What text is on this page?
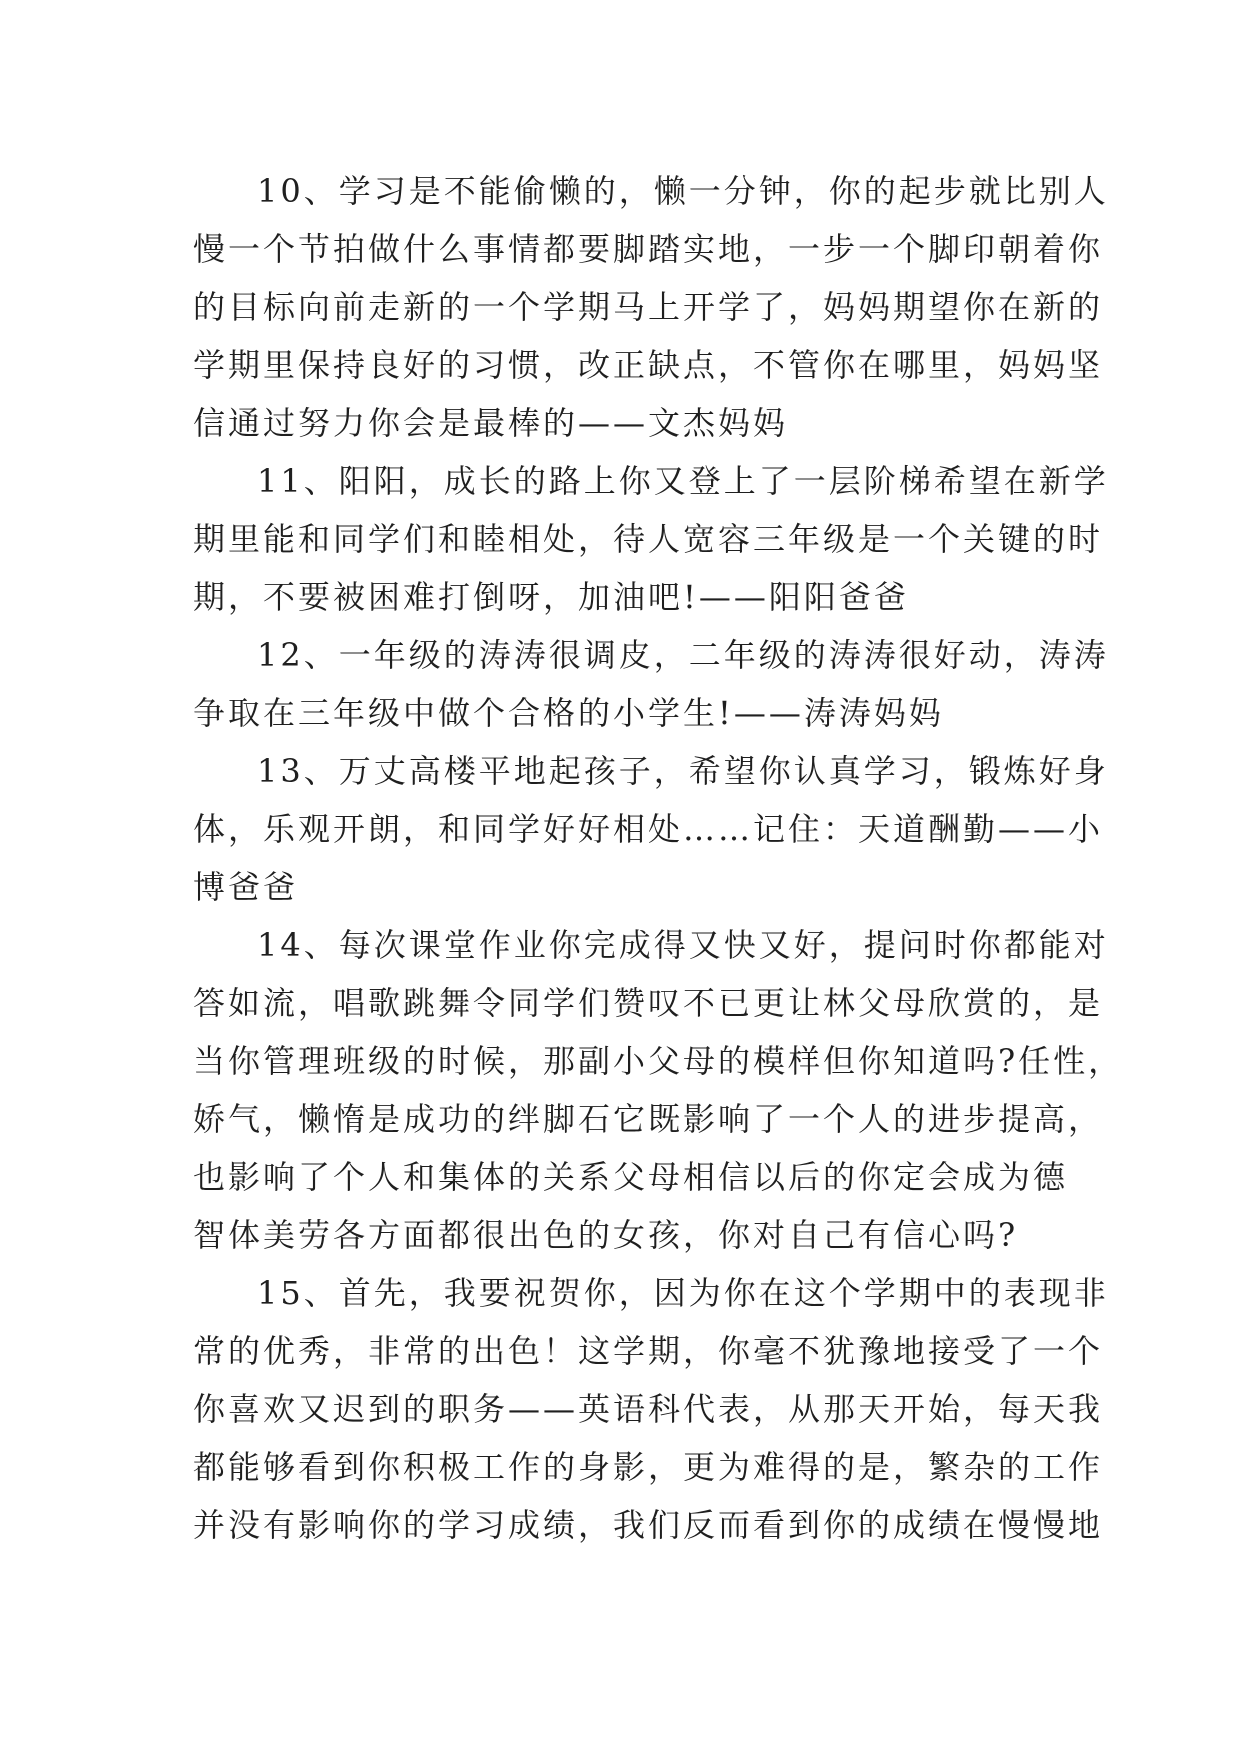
10、学习是不能偷懒的，懒一分钟，你的起步就比别人
慢一个节拍做什么事情都要脚踏实地，一步一个脚印朝着你
的目标向前走新的一个学期马上开学了，妈妈期望你在新的
学期里保持良好的习惯，改正缺点，不管你在哪里，妈妈坚
信通过努力你会是最棒的——文杰妈妈

11、阳阳，成长的路上你又登上了一层阶梯希望在新学
期里能和同学们和睦相处，待人宽容三年级是一个关键的时
期，不要被困难打倒呀，加油吧!——阳阳爸爸

12、一年级的涛涛很调皮，二年级的涛涛很好动，涛涛
争取在三年级中做个合格的小学生!——涛涛妈妈

13、万丈高楼平地起孩子，希望你认真学习，锻炼好身
体，乐观开朗，和同学好好相处……记住：天道酬勤——小
博爸爸

14、每次课堂作业你完成得又快又好，提问时你都能对
答如流，唱歌跳舞令同学们赞叹不已更让林父母欣赏的，是
当你管理班级的时候，那副小父母的模样但你知道吗?任性，
娇气，懒惰是成功的绊脚石它既影响了一个人的进步提高，
也影响了个人和集体的关系父母相信以后的你定会成为德
智体美劳各方面都很出色的女孩，你对自己有信心吗?

15、首先，我要祝贺你，因为你在这个学期中的表现非
常的优秀，非常的出色！这学期，你毫不犹豫地接受了一个
你喜欢又迟到的职务——英语科代表，从那天开始，每天我
都能够看到你积极工作的身影，更为难得的是，繁杂的工作
并没有影响你的学习成绩，我们反而看到你的成绩在慢慢地
